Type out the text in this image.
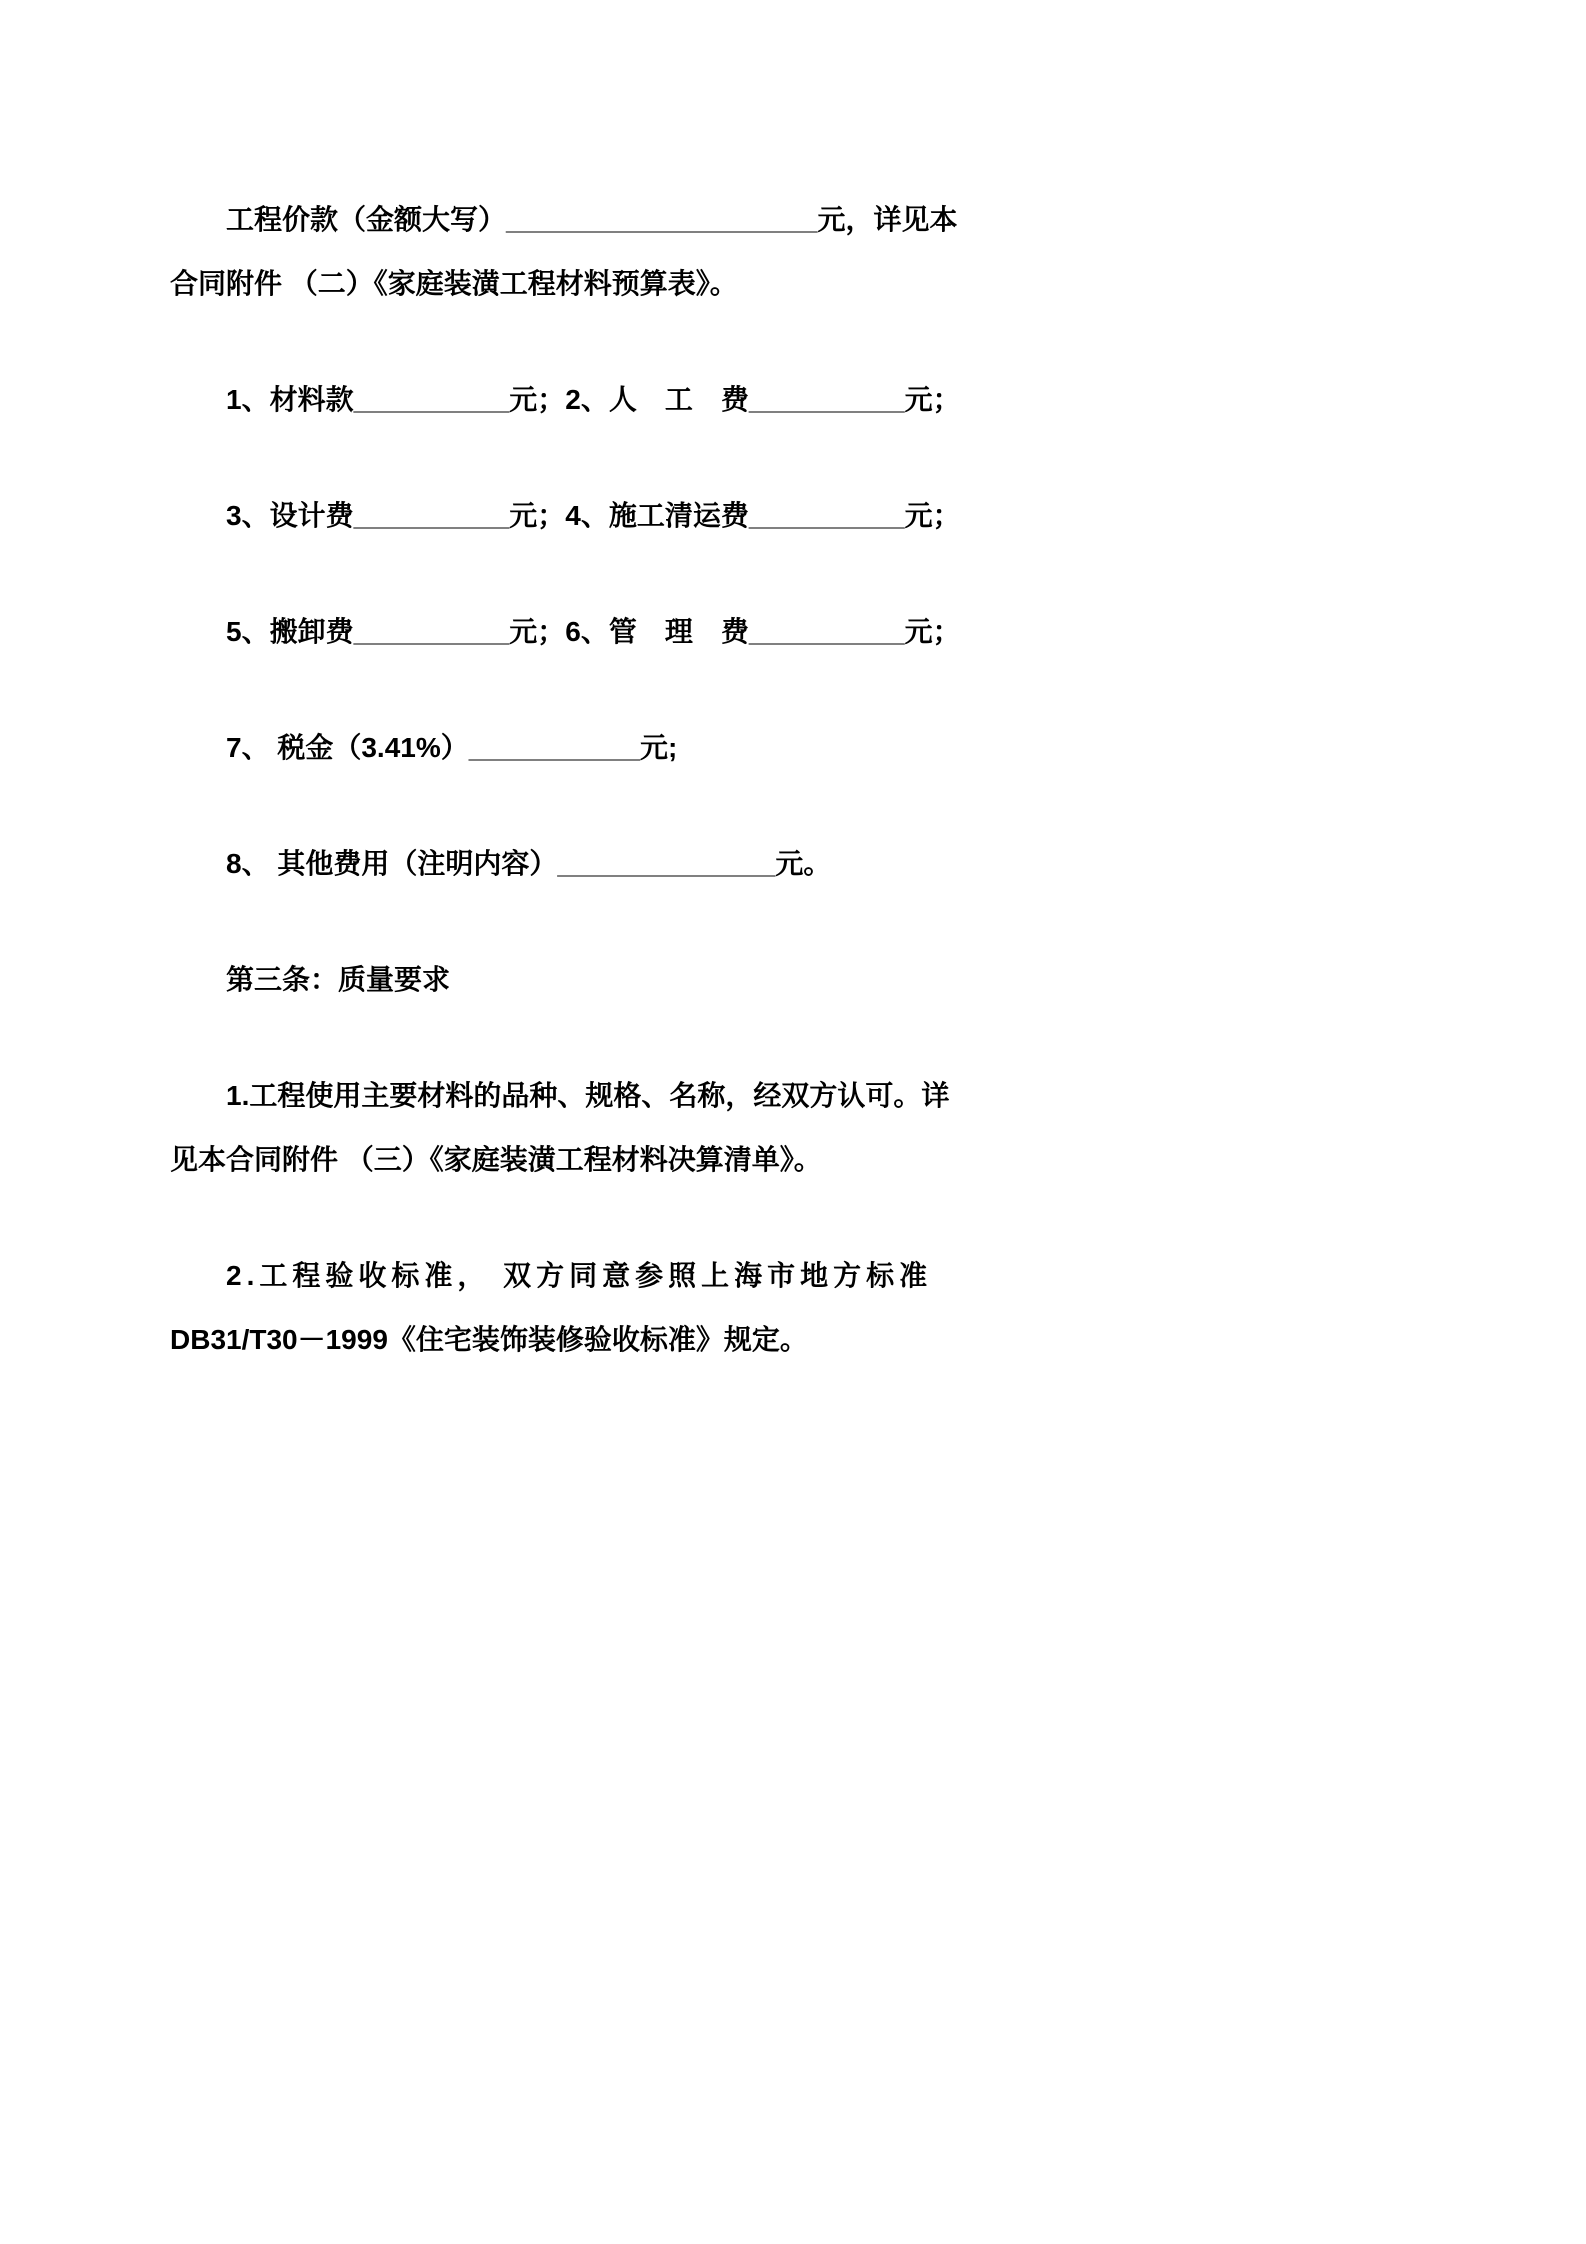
工程价款（金额大写）____________________元，详见本
合同附件 （二）《家庭装潢工程材料预算表》。
1、材料款__________元；2、人　工　费__________元；
3、设计费__________元；4、施工清运费__________元；
5、搬卸费__________元；6、管　理　费__________元；
7、 税金（3.41%）___________元;
8、 其他费用（注明内容）______________元。
第三条：质量要求
1.工程使用主要材料的品种、规格、名称，经双方认可。详
见本合同附件 （三）《家庭装潢工程材料决算清单》。
2.工程验收标准， 双方同意参照上海市地方标准
DB31/T30－1999《住宅装饰装修验收标准》规定。
